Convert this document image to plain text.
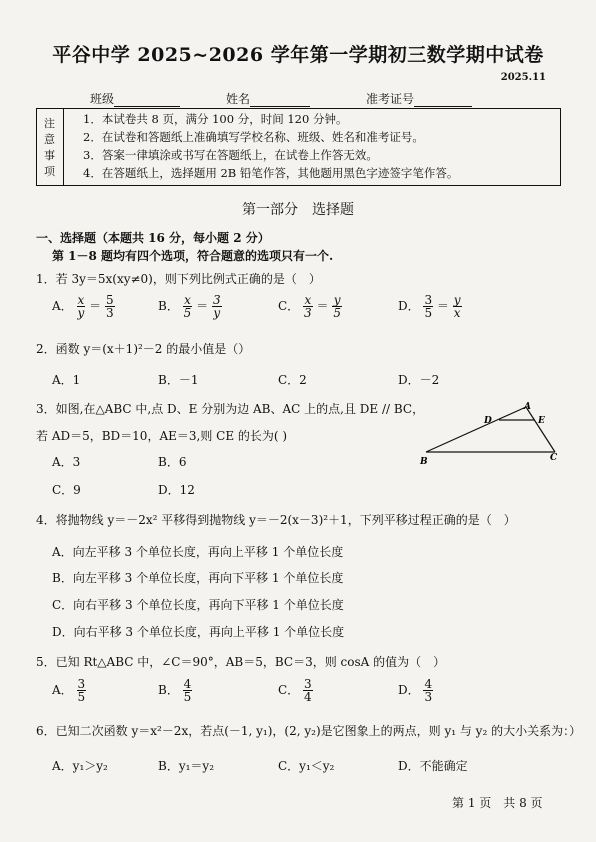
平谷中学 2025~2026 学年第一学期初三数学期中试卷
2025.11
班级	姓名	准考证号
注
意
事
项
1．本试卷共 8 页，满分 100 分，时间 120 分钟。
2．在试卷和答题纸上准确填写学校名称、班级、姓名和准考证号。
3．答案一律填涂或书写在答题纸上，在试卷上作答无效。
4．在答题纸上，选择题用 2B 铅笔作答，其他题用黑色字迹签字笔作答。
第一部分　选择题
一、选择题（本题共 16 分，每小题 2 分）
第 1－8 题均有四个选项，符合题意的选项只有一个.
1．若 3y＝5x(xy≠0)，则下列比例式正确的是（　）
A． $\frac{x}{y} = \frac{5}{3}$	B． $\frac{x}{5} = \frac{3}{y}$	C． $\frac{x}{3} = \frac{y}{5}$	D． $\frac{3}{5} = \frac{y}{x}$
2．函数 y＝(x＋1)²－2 的最小值是（）
A．1	B．－1	C．2	D．－2
3．如图,在△ABC 中,点 D、E 分别为边 AB、AC 上的点,且 DE // BC，
若 AD＝5，BD＝10，AE＝3,则 CE 的长为( )
A．3	B．6
C．9	D．12
A
D	E
B	C
4．将抛物线 y＝－2x² 平移得到抛物线 y＝－2(x－3)²＋1，下列平移过程正确的是（　）
A．向左平移 3 个单位长度，再向上平移 1 个单位长度
B．向左平移 3 个单位长度，再向下平移 1 个单位长度
C．向右平移 3 个单位长度，再向下平移 1 个单位长度
D．向右平移 3 个单位长度，再向上平移 1 个单位长度
5．已知 Rt△ABC 中，∠C＝90°，AB＝5，BC＝3，则 cosA 的值为（　）
A． $\frac{3}{5}$	B． $\frac{4}{5}$	C． $\frac{3}{4}$	D． $\frac{4}{3}$
6．已知二次函数 y＝x²－2x，若点(－1, y₁)，(2, y₂)是它图象上的两点，则 y₁ 与 y₂ 的大小关系为：）
A．y₁＞y₂	B．y₁＝y₂	C．y₁＜y₂	D．不能确定
第 1 页　共 8 页
